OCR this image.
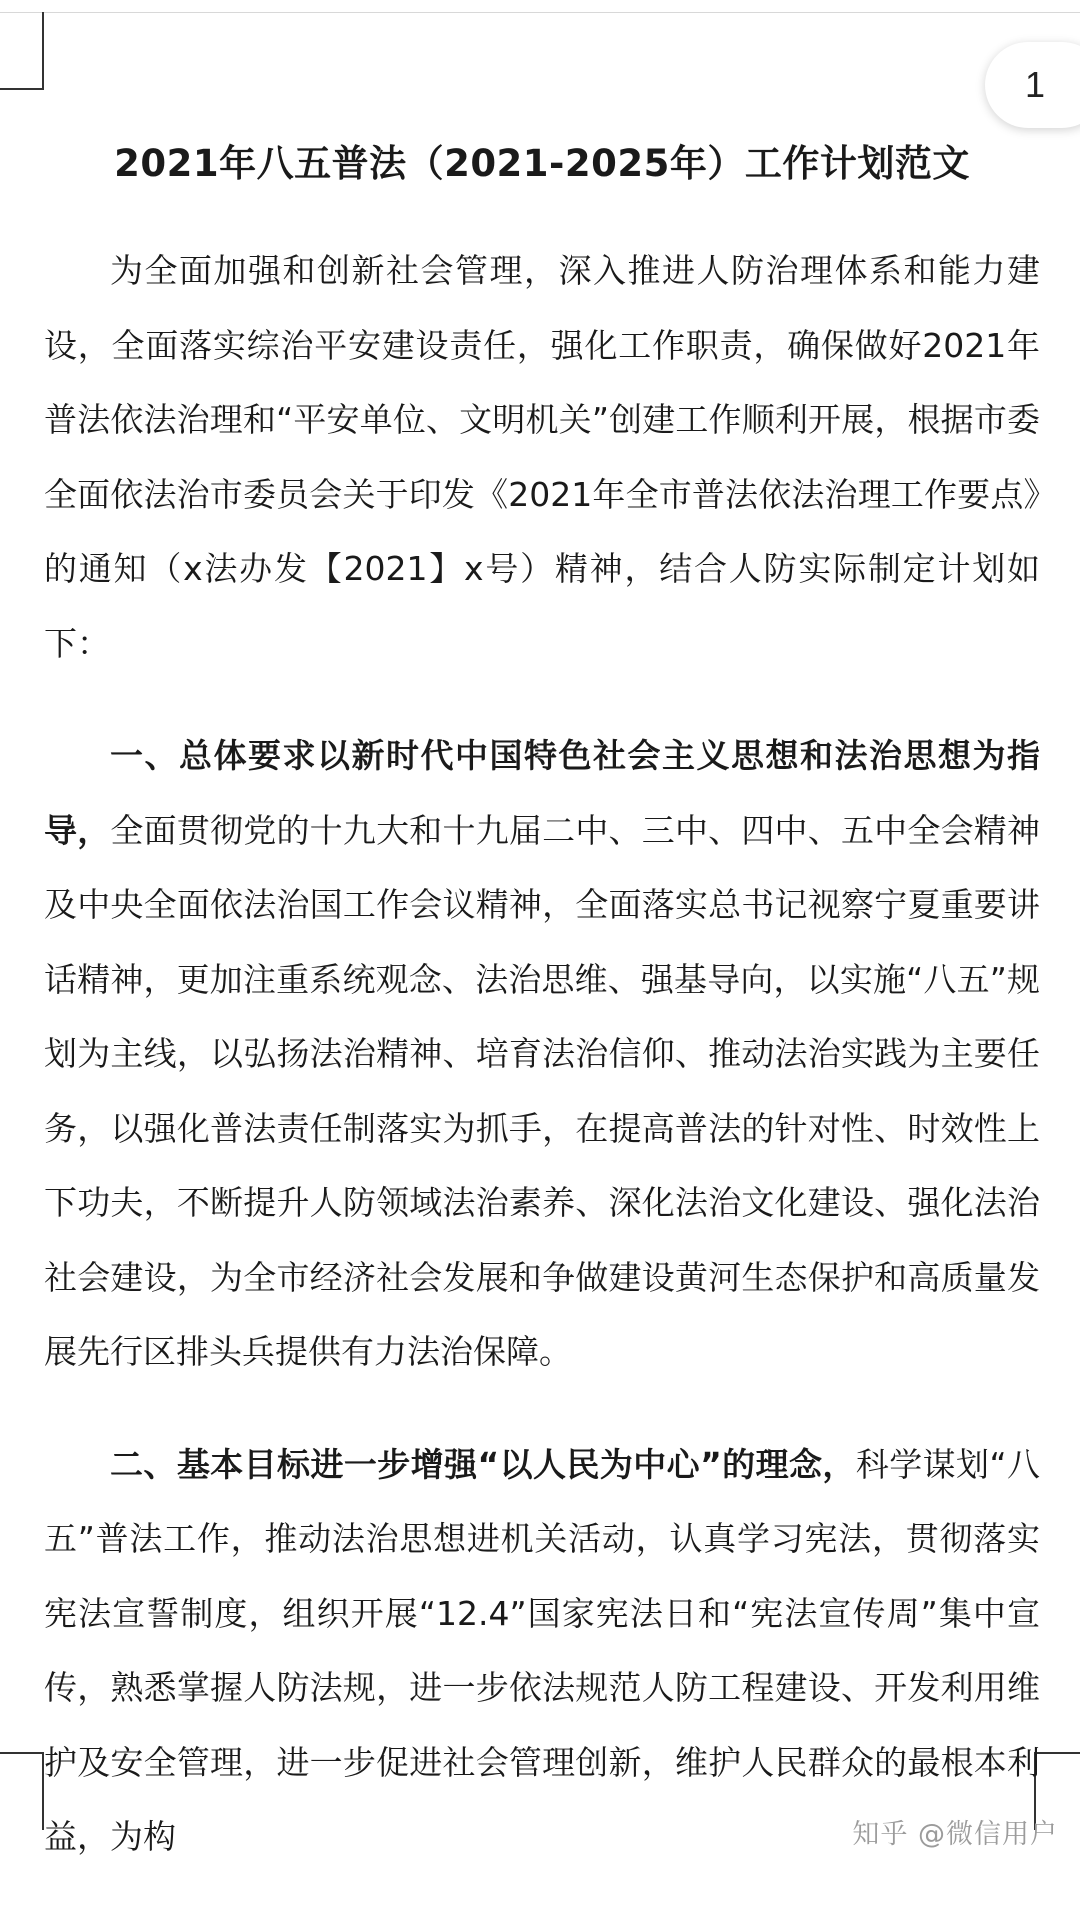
1
2021年八五普法（2021-2025年）工作计划范文

为全面加强和创新社会管理，深入推进人防治理体系和能力建设，全面落实综治平安建设责任，强化工作职责，确保做好2021年普法依法治理和“平安单位、文明机关”创建工作顺利开展，根据市委全面依法治市委员会关于印发《2021年全市普法依法治理工作要点》的通知（x法办发【2021】x号）精神，结合人防实际制定计划如下：

一、总体要求以新时代中国特色社会主义思想和法治思想为指导，全面贯彻党的十九大和十九届二中、三中、四中、五中全会精神及中央全面依法治国工作会议精神，全面落实总书记视察宁夏重要讲话精神，更加注重系统观念、法治思维、强基导向，以实施“八五”规划为主线，以弘扬法治精神、培育法治信仰、推动法治实践为主要任务，以强化普法责任制落实为抓手，在提高普法的针对性、时效性上下功夫，不断提升人防领域法治素养、深化法治文化建设、强化法治社会建设，为全市经济社会发展和争做建设黄河生态保护和高质量发展先行区排头兵提供有力法治保障。

二、基本目标进一步增强“以人民为中心”的理念，科学谋划“八五”普法工作，推动法治思想进机关活动，认真学习宪法，贯彻落实宪法宣誓制度，组织开展“12.4”国家宪法日和“宪法宣传周”集中宣传，熟悉掌握人防法规，进一步依法规范人防工程建设、开发利用维护及安全管理，进一步促进社会管理创新，维护人民群众的最根本利益，为构	知乎 @微信用户
